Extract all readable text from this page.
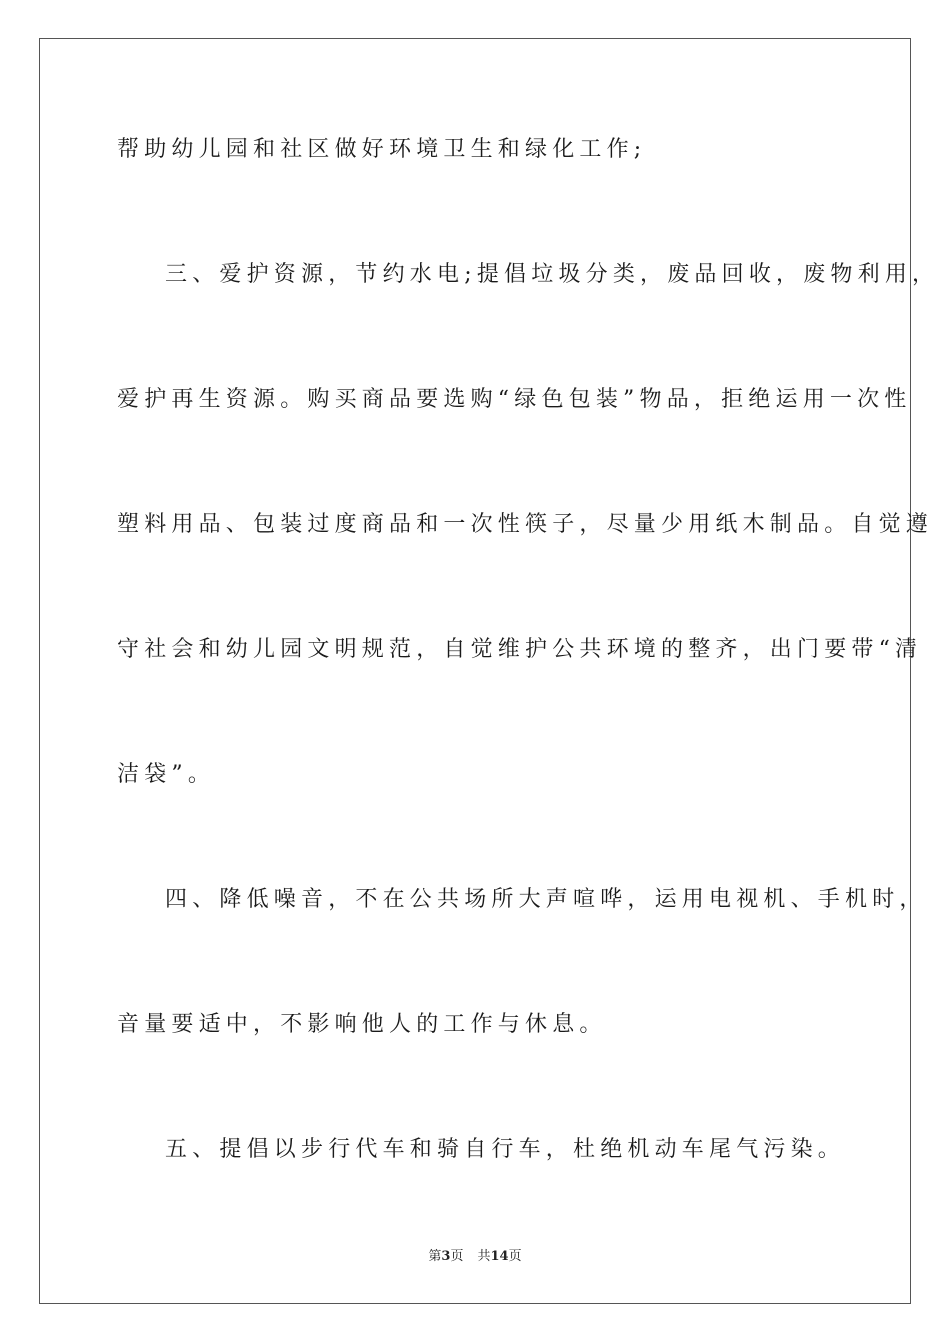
帮助幼儿园和社区做好环境卫生和绿化工作;
三、爱护资源，节约水电;提倡垃圾分类，废品回收，废物利用，
爱护再生资源。购买商品要选购“绿色包装”物品，拒绝运用一次性
塑料用品、包装过度商品和一次性筷子，尽量少用纸木制品。自觉遵
守社会和幼儿园文明规范，自觉维护公共环境的整齐，出门要带“清
洁袋”。
四、降低噪音，不在公共场所大声喧哗，运用电视机、手机时，
音量要适中，不影响他人的工作与休息。
五、提倡以步行代车和骑自行车，杜绝机动车尾气污染。
第3页 共14页
